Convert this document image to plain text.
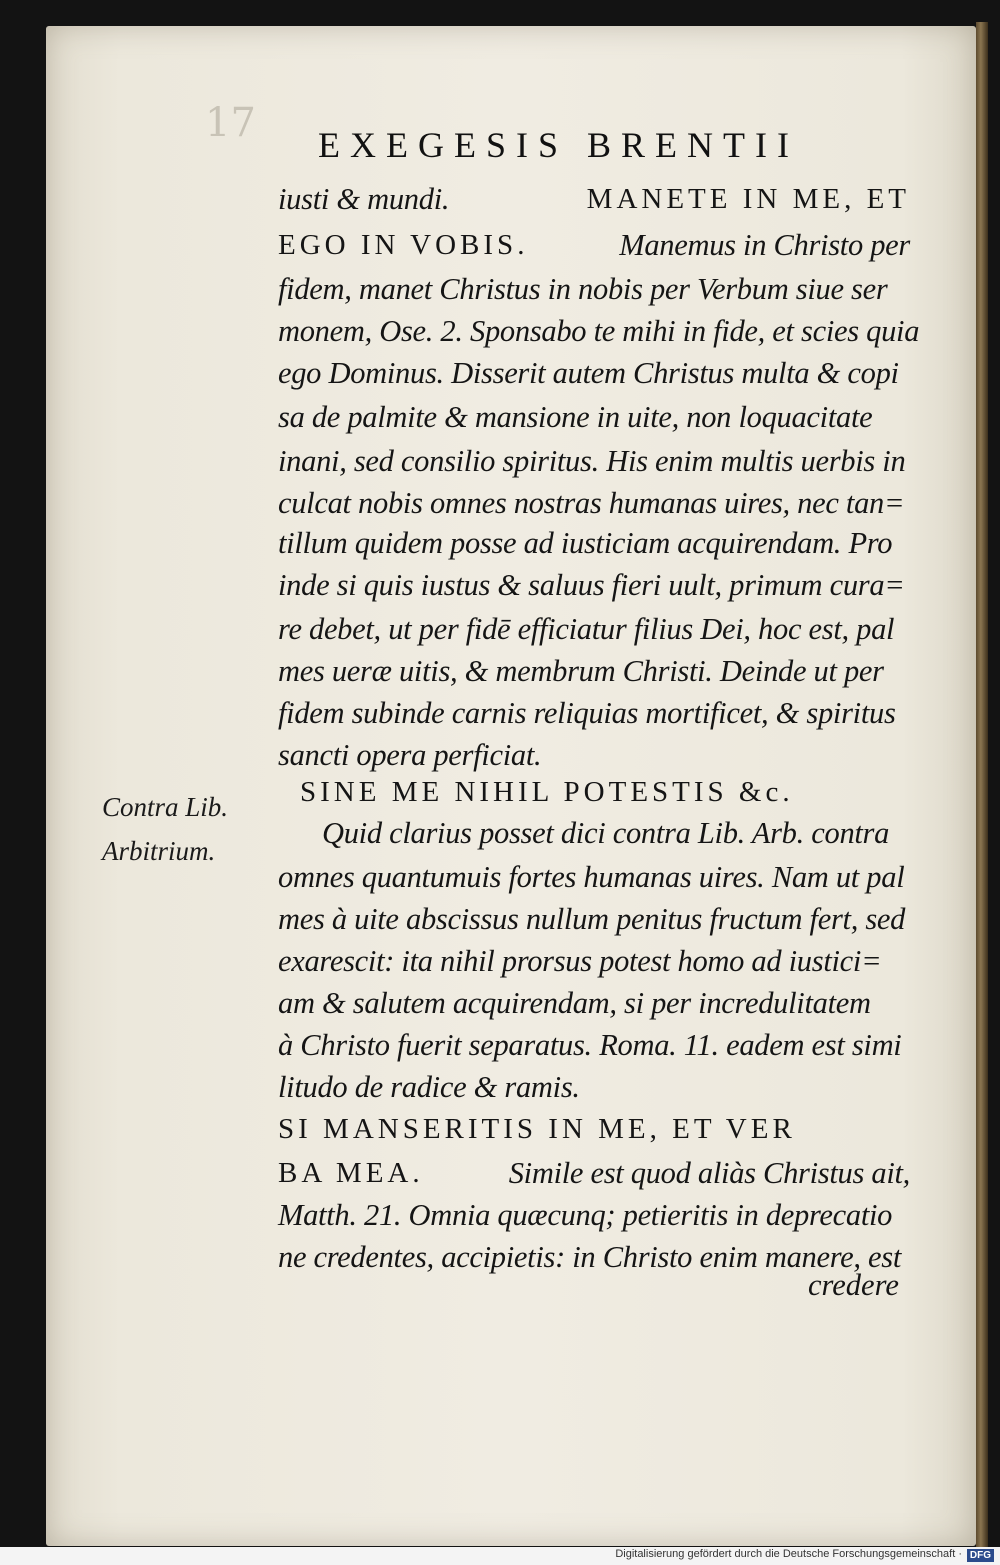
17 EXEGESIS BRENTII
iusti & mundi.	MANETE IN ME, ET
EGO IN VOBIS.	Manemus in Christo per
fidem, manet Christus in nobis per Verbum siue ser
monem, Ose. 2. Sponsabo te mihi in fide, et scies quia
ego Dominus. Disserit autem Christus multa & copi
sa de palmite & mansione in uite, non loquacitate
inani, sed consilio spiritus. His enim multis uerbis in
culcat nobis omnes nostras humanas uires, nec tan=
tillum quidem posse ad iusticiam acquirendam. Pro
inde si quis iustus & saluus fieri uult, primum cura=
re debet, ut per fidē efficiatur filius Dei, hoc est, pal
mes ueræ uitis, & membrum Christi. Deinde ut per
fidem subinde carnis reliquias mortificet, & spiritus
sancti opera perficiat.
SINE ME NIHIL POTESTIS &c.
Quid clarius posset dici contra Lib. Arb. contra
omnes quantumuis fortes humanas uires. Nam ut pal
mes à uite abscissus nullum penitus fructum fert, sed
exarescit: ita nihil prorsus potest homo ad iustici=
am & salutem acquirendam, si per incredulitatem
à Christo fuerit separatus. Roma. 11. eadem est simi
litudo de radice & ramis.
SI MANSERITIS IN ME, ET VER
BA MEA.	Simile est quod aliàs Christus ait,
Matth. 21. Omnia quæcunq; petieritis in deprecatio
ne credentes, accipietis: in Christo enim manere, est
Contra Lib.
Arbitrium.
credere
Digitalisierung gefördert durch die Deutsche Forschungsgemeinschaft · DFG
